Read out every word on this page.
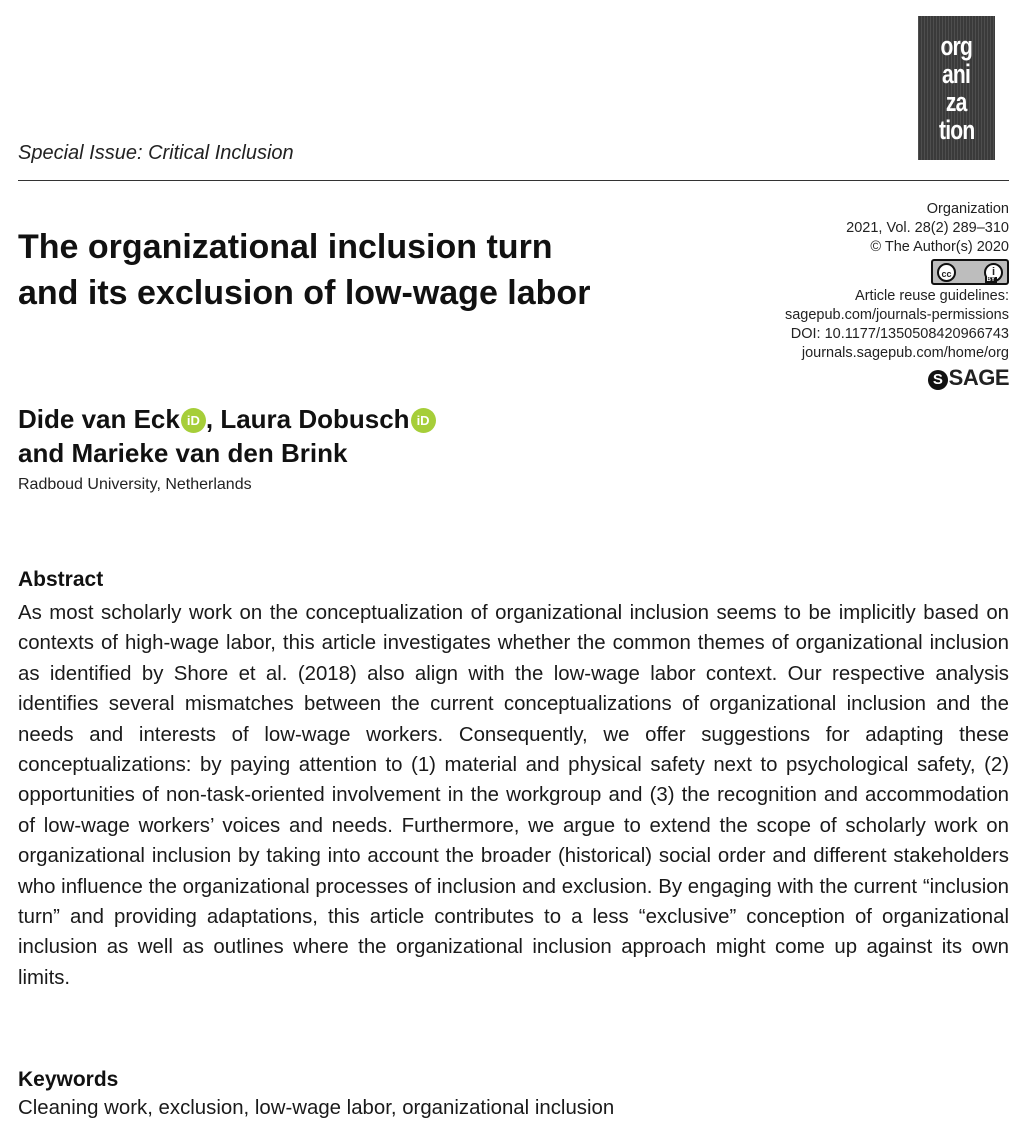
org
ani
za
tion
Special Issue: Critical Inclusion
Organization
2021, Vol. 28(2) 289–310
© The Author(s) 2020
cc	i
BY
Article reuse guidelines:
sagepub.com/journals-permissions
DOI: 10.1177/1350508420966743
journals.sagepub.com/home/org
S SAGE
The organizational inclusion turn
and its exclusion of low-wage labor
Dide van Eck iD , Laura Dobusch iD
and Marieke van den Brink
Radboud University, Netherlands
Abstract

As most scholarly work on the conceptualization of organizational inclusion seems to be implicitly based on contexts of high-wage labor, this article investigates whether the common themes of organizational inclusion as identified by Shore et al. (2018) also align with the low-wage labor context. Our respective analysis identifies several mismatches between the current conceptualizations of organizational inclusion and the needs and interests of low-wage workers. Consequently, we offer suggestions for adapting these conceptualizations: by paying attention to (1) material and physical safety next to psychological safety, (2) opportunities of non-task-oriented involvement in the workgroup and (3) the recognition and accommodation of low-wage workers’ voices and needs. Furthermore, we argue to extend the scope of scholarly work on organizational inclusion by taking into account the broader (historical) social order and different stakeholders who influence the organizational processes of inclusion and exclusion. By engaging with the current “inclusion turn” and providing adaptations, this article contributes to a less “exclusive” conception of organizational inclusion as well as outlines where the organizational inclusion approach might come up against its own limits.

Keywords
Cleaning work, exclusion, low-wage labor, organizational inclusion
